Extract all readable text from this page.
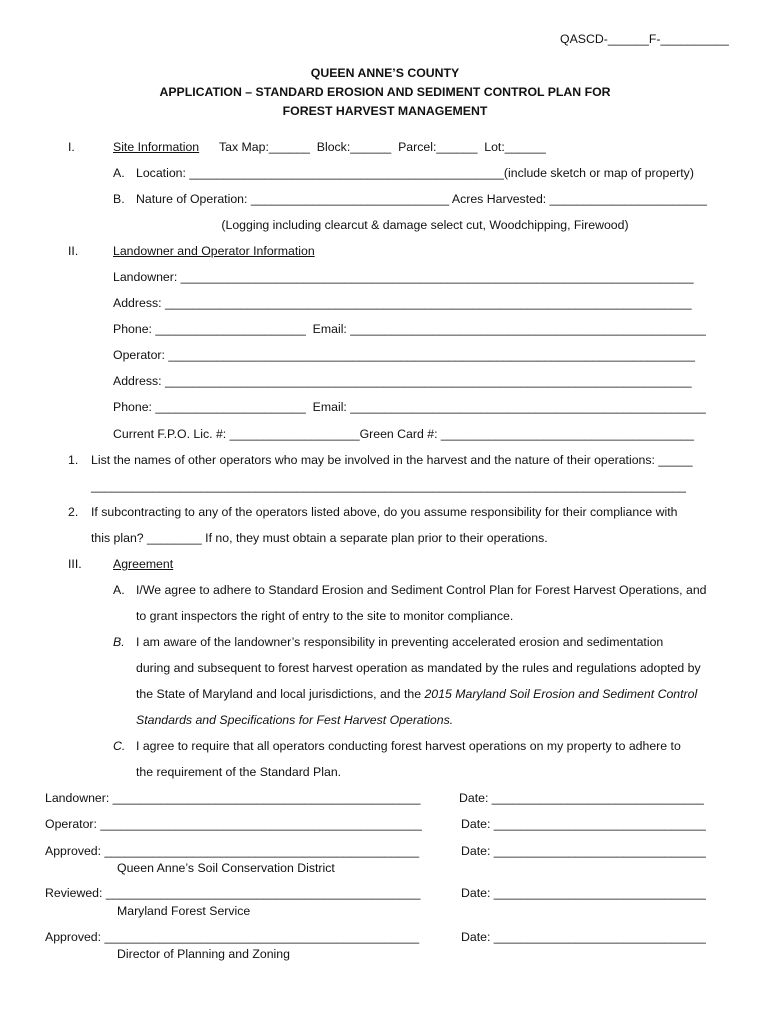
QASCD-______F-__________
QUEEN ANNE’S COUNTY
APPLICATION – STANDARD EROSION AND SEDIMENT CONTROL PLAN FOR
FOREST HARVEST MANAGEMENT
I.	Site Information Tax Map:______  Block:______  Parcel:______  Lot:______
A. Location: ______________________________________________(include sketch or map of property)
B. Nature of Operation: _____________________________ Acres Harvested: _______________________
(Logging including clearcut & damage select cut, Woodchipping, Firewood)
II.	Landowner and Operator Information
Landowner: ___________________________________________________________________________
Address: _____________________________________________________________________________
Phone: ______________________  Email: ____________________________________________________
Operator: _____________________________________________________________________________
Address: _____________________________________________________________________________
Phone: ______________________  Email: ____________________________________________________
Current F.P.O. Lic. #: ___________________Green Card #: _____________________________________
1. List the names of other operators who may be involved in the harvest and the nature of their operations: _____
_______________________________________________________________________________________
2. If subcontracting to any of the operators listed above, do you assume responsibility for their compliance with
this plan? ________ If no, they must obtain a separate plan prior to their operations.
III.	Agreement
A. I/We agree to adhere to Standard Erosion and Sediment Control Plan for Forest Harvest Operations, and
to grant inspectors the right of entry to the site to monitor compliance.
B. I am aware of the landowner’s responsibility in preventing accelerated erosion and sedimentation
during and subsequent to forest harvest operation as mandated by the rules and regulations adopted by
the State of Maryland and local jurisdictions, and the 2015 Maryland Soil Erosion and Sediment Control
Standards and Specifications for Fest Harvest Operations.
C. I agree to require that all operators conducting forest harvest operations on my property to adhere to
the requirement of the Standard Plan.
Landowner: _____________________________________________	Date: _______________________________
Operator: _______________________________________________	Date: _______________________________
Approved: ______________________________________________	Date: _______________________________
Queen Anne’s Soil Conservation District
Reviewed: ______________________________________________	Date: _______________________________
Maryland Forest Service
Approved: ______________________________________________	Date: _______________________________
Director of Planning and Zoning
